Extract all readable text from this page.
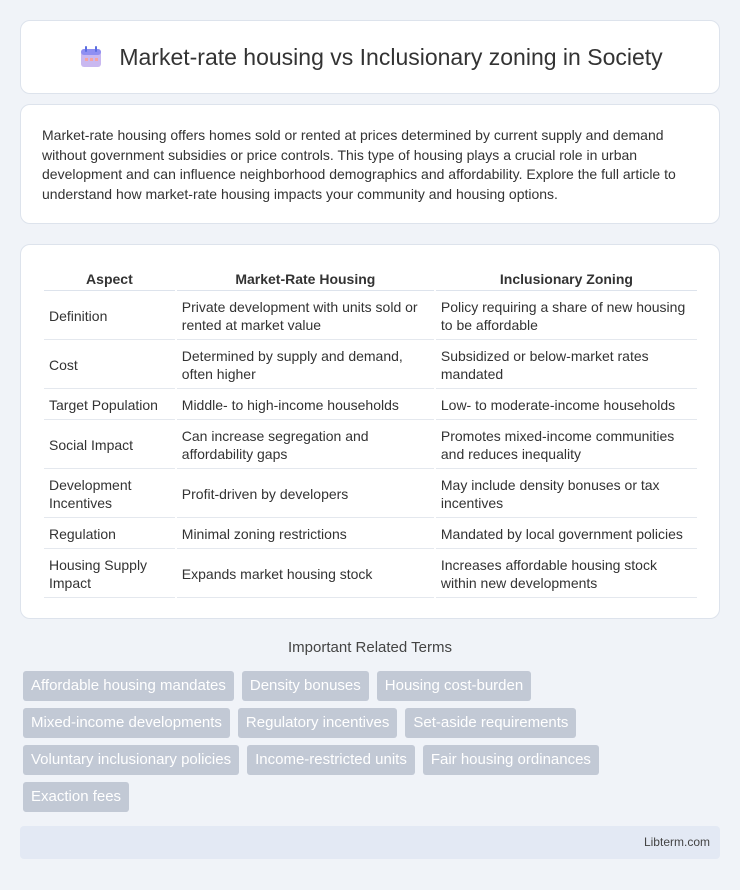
Market-rate housing vs Inclusionary zoning in Society

Market-rate housing offers homes sold or rented at prices determined by current supply and demand without government subsidies or price controls. This type of housing plays a crucial role in urban development and can influence neighborhood demographics and affordability. Explore the full article to understand how market-rate housing impacts your community and housing options.

Aspect	Market-Rate Housing	Inclusionary Zoning
Definition	Private development with units sold or rented at market value	Policy requiring a share of new housing to be affordable
Cost	Determined by supply and demand, often higher	Subsidized or below-market rates mandated
Target Population	Middle- to high-income households	Low- to moderate-income households
Social Impact	Can increase segregation and affordability gaps	Promotes mixed-income communities and reduces inequality
Development Incentives	Profit-driven by developers	May include density bonuses or tax incentives
Regulation	Minimal zoning restrictions	Mandated by local government policies
Housing Supply Impact	Expands market housing stock	Increases affordable housing stock within new developments
Important Related Terms
Affordable housing mandates	Density bonuses	Housing cost-burden
Mixed-income developments	Regulatory incentives	Set-aside requirements
Voluntary inclusionary policies	Income-restricted units	Fair housing ordinances
Exaction fees
Libterm.com
